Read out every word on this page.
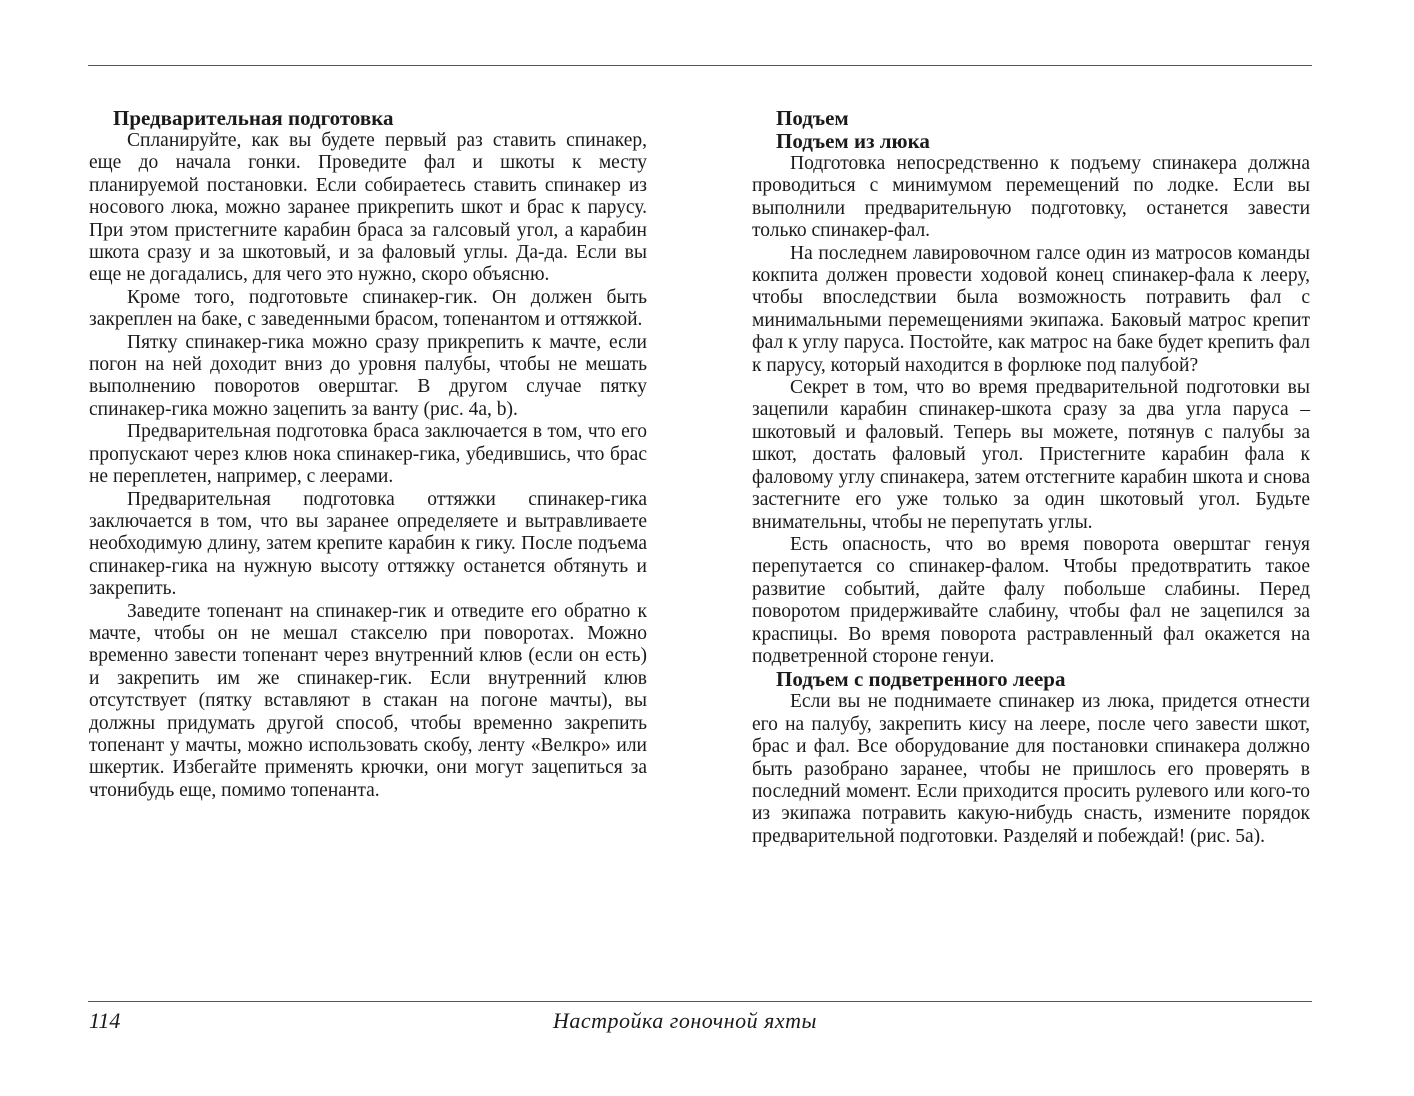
Предварительная подготовка

Спланируйте, как вы будете первый раз ставить спинакер, еще до начала гонки. Проведите фал и шкоты к месту планируемой постановки. Если собираетесь ставить спинакер из носового люка, можно заранее прикрепить шкот и брас к парусу. При этом пристегните карабин браса за галсовый угол, а карабин шкота сразу и за шкотовый, и за фаловый углы. Да-да. Если вы еще не догадались, для чего это нужно, скоро объясню.

Кроме того, подготовьте спинакер-гик. Он должен быть закреплен на баке, с заведенными брасом, топенантом и оттяжкой.

Пятку спинакер-гика можно сразу прикрепить к мачте, если погон на ней доходит вниз до уровня палубы, чтобы не мешать выполнению поворотов оверштаг. В другом случае пятку спинакер-гика можно зацепить за ванту (рис. 4a, b).

Предварительная подготовка браса заключается в том, что его пропускают через клюв нока спинакер-гика, убедившись, что брас не переплетен, например, с леерами.

Предварительная подготовка оттяжки спинакер-гика заключается в том, что вы заранее определяете и вытравливаете необходимую длину, затем крепите карабин к гику. После подъема спинакер-гика на нужную высоту оттяжку останется обтянуть и закрепить.

Заведите топенант на спинакер-гик и отведите его обратно к мачте, чтобы он не мешал стакселю при поворотах. Можно временно завести топенант через внутренний клюв (если он есть) и закрепить им же спинакер-гик. Если внутренний клюв отсутствует (пятку вставляют в стакан на погоне мачты), вы должны придумать другой способ, чтобы временно закрепить топенант у мачты, можно использовать скобу, ленту «Велкро» или шкертик. Избегайте применять крючки, они могут зацепиться за чтонибудь еще, помимо топенанта.

Подъем
Подъем из люка

Подготовка непосредственно к подъему спинакера должна проводиться с минимумом перемещений по лодке. Если вы выполнили предварительную подготовку, останется завести только спинакер-фал.

На последнем лавировочном галсе один из матросов команды кокпита должен провести ходовой конец спинакер-фала к лееру, чтобы впоследствии была возможность потравить фал с минимальными перемещениями экипажа. Баковый матрос крепит фал к углу паруса. Постойте, как матрос на баке будет крепить фал к парусу, который находится в форлюке под палубой?

Секрет в том, что во время предварительной подготовки вы зацепили карабин спинакер-шкота сразу за два угла паруса – шкотовый и фаловый. Теперь вы можете, потянув с палубы за шкот, достать фаловый угол. Пристегните карабин фала к фаловому углу спинакера, затем отстегните карабин шкота и снова застегните его уже только за один шкотовый угол. Будьте внимательны, чтобы не перепутать углы.

Есть опасность, что во время поворота оверштаг генуя перепутается со спинакер-фалом. Чтобы предотвратить такое развитие событий, дайте фалу побольше слабины. Перед поворотом придерживайте слабину, чтобы фал не зацепился за краспицы. Во время поворота растравленный фал окажется на подветренной стороне генуи.

Подъем с подветренного леера

Если вы не поднимаете спинакер из люка, придется отнести его на палубу, закрепить кису на леере, после чего завести шкот, брас и фал. Все оборудование для постановки спинакера должно быть разобрано заранее, чтобы не пришлось его проверять в последний момент. Если приходится просить рулевого или кого-то из экипажа потравить какую-нибудь снасть, измените порядок предварительной подготовки. Разделяй и побеждай! (рис. 5a).

114	Настройка гоночной яхты
